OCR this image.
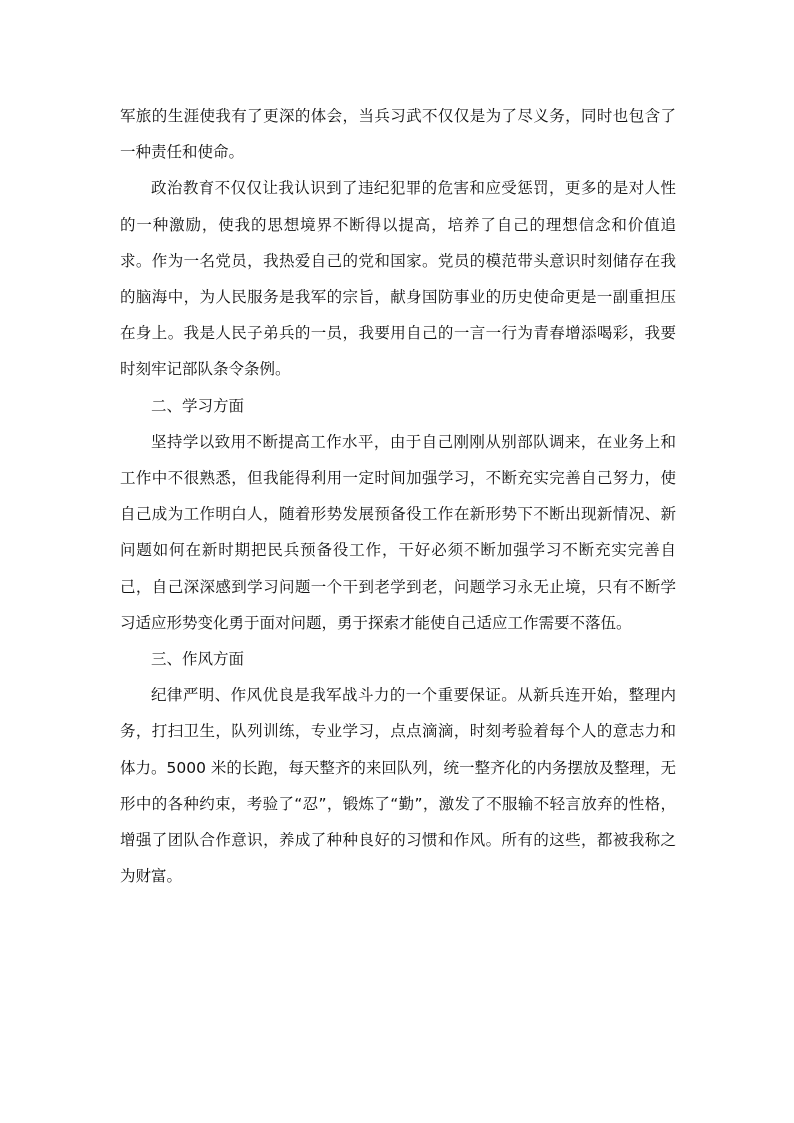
军旅的生涯使我有了更深的体会，当兵习武不仅仅是为了尽义务，同时也包含了一种责任和使命。

政治教育不仅仅让我认识到了违纪犯罪的危害和应受惩罚，更多的是对人性的一种激励，使我的思想境界不断得以提高，培养了自己的理想信念和价值追求。作为一名党员，我热爱自己的党和国家。党员的模范带头意识时刻储存在我的脑海中，为人民服务是我军的宗旨，献身国防事业的历史使命更是一副重担压在身上。我是人民子弟兵的一员，我要用自己的一言一行为青春增添喝彩，我要时刻牢记部队条令条例。

二、学习方面

坚持学以致用不断提高工作水平，由于自己刚刚从别部队调来，在业务上和工作中不很熟悉，但我能得利用一定时间加强学习，不断充实完善自己努力，使自己成为工作明白人，随着形势发展预备役工作在新形势下不断出现新情况、新问题如何在新时期把民兵预备役工作，干好必须不断加强学习不断充实完善自己，自己深深感到学习问题一个干到老学到老，问题学习永无止境，只有不断学习适应形势变化勇于面对问题，勇于探索才能使自己适应工作需要不落伍。

三、作风方面

纪律严明、作风优良是我军战斗力的一个重要保证。从新兵连开始，整理内务，打扫卫生，队列训练，专业学习，点点滴滴，时刻考验着每个人的意志力和体力。5000 米的长跑，每天整齐的来回队列，统一整齐化的内务摆放及整理，无形中的各种约束，考验了“忍”，锻炼了“勤”，激发了不服输不轻言放弃的性格，增强了团队合作意识，养成了种种良好的习惯和作风。所有的这些，都被我称之为财富。
